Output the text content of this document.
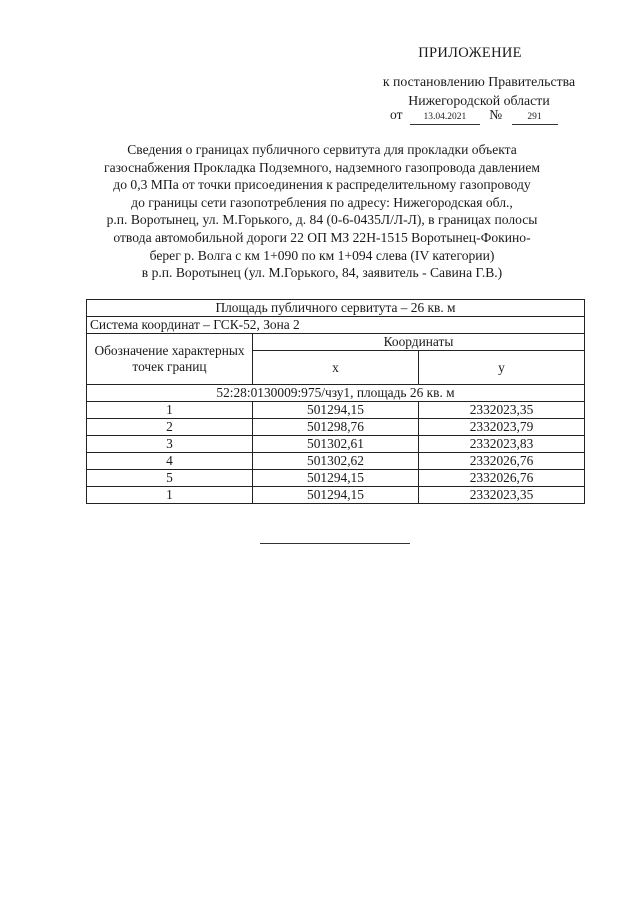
ПРИЛОЖЕНИЕ
к постановлению Правительства
Нижегородской области
от 13.04.2021 №	291
Сведения о границах публичного сервитута для прокладки объекта
газоснабжения Прокладка Подземного, надземного газопровода давлением
до 0,3 МПа от точки присоединения к распределительному газопроводу
до границы сети газопотребления по адресу: Нижегородская обл.,
р.п. Воротынец, ул. М.Горького, д. 84 (0-6-0435Л/Л-Л), в границах полосы
отвода автомобильной дороги 22 ОП МЗ 22Н-1515 Воротынец-Фокино-
берег р. Волга с км 1+090 по км 1+094 слева (IV категории)
в р.п. Воротынец (ул. М.Горького, 84, заявитель - Савина Г.В.)
Площадь публичного сервитута – 26 кв. м		
Система координат – ГСК-52, Зона 2		
Обозначение характерных точек границ	Координаты	
	x	y
52:28:0130009:975/чзу1, площадь 26 кв. м		
1	501294,15	2332023,35
2	501298,76	2332023,79
3	501302,61	2332023,83
4	501302,62	2332026,76
5	501294,15	2332026,76
1	501294,15	2332023,35
